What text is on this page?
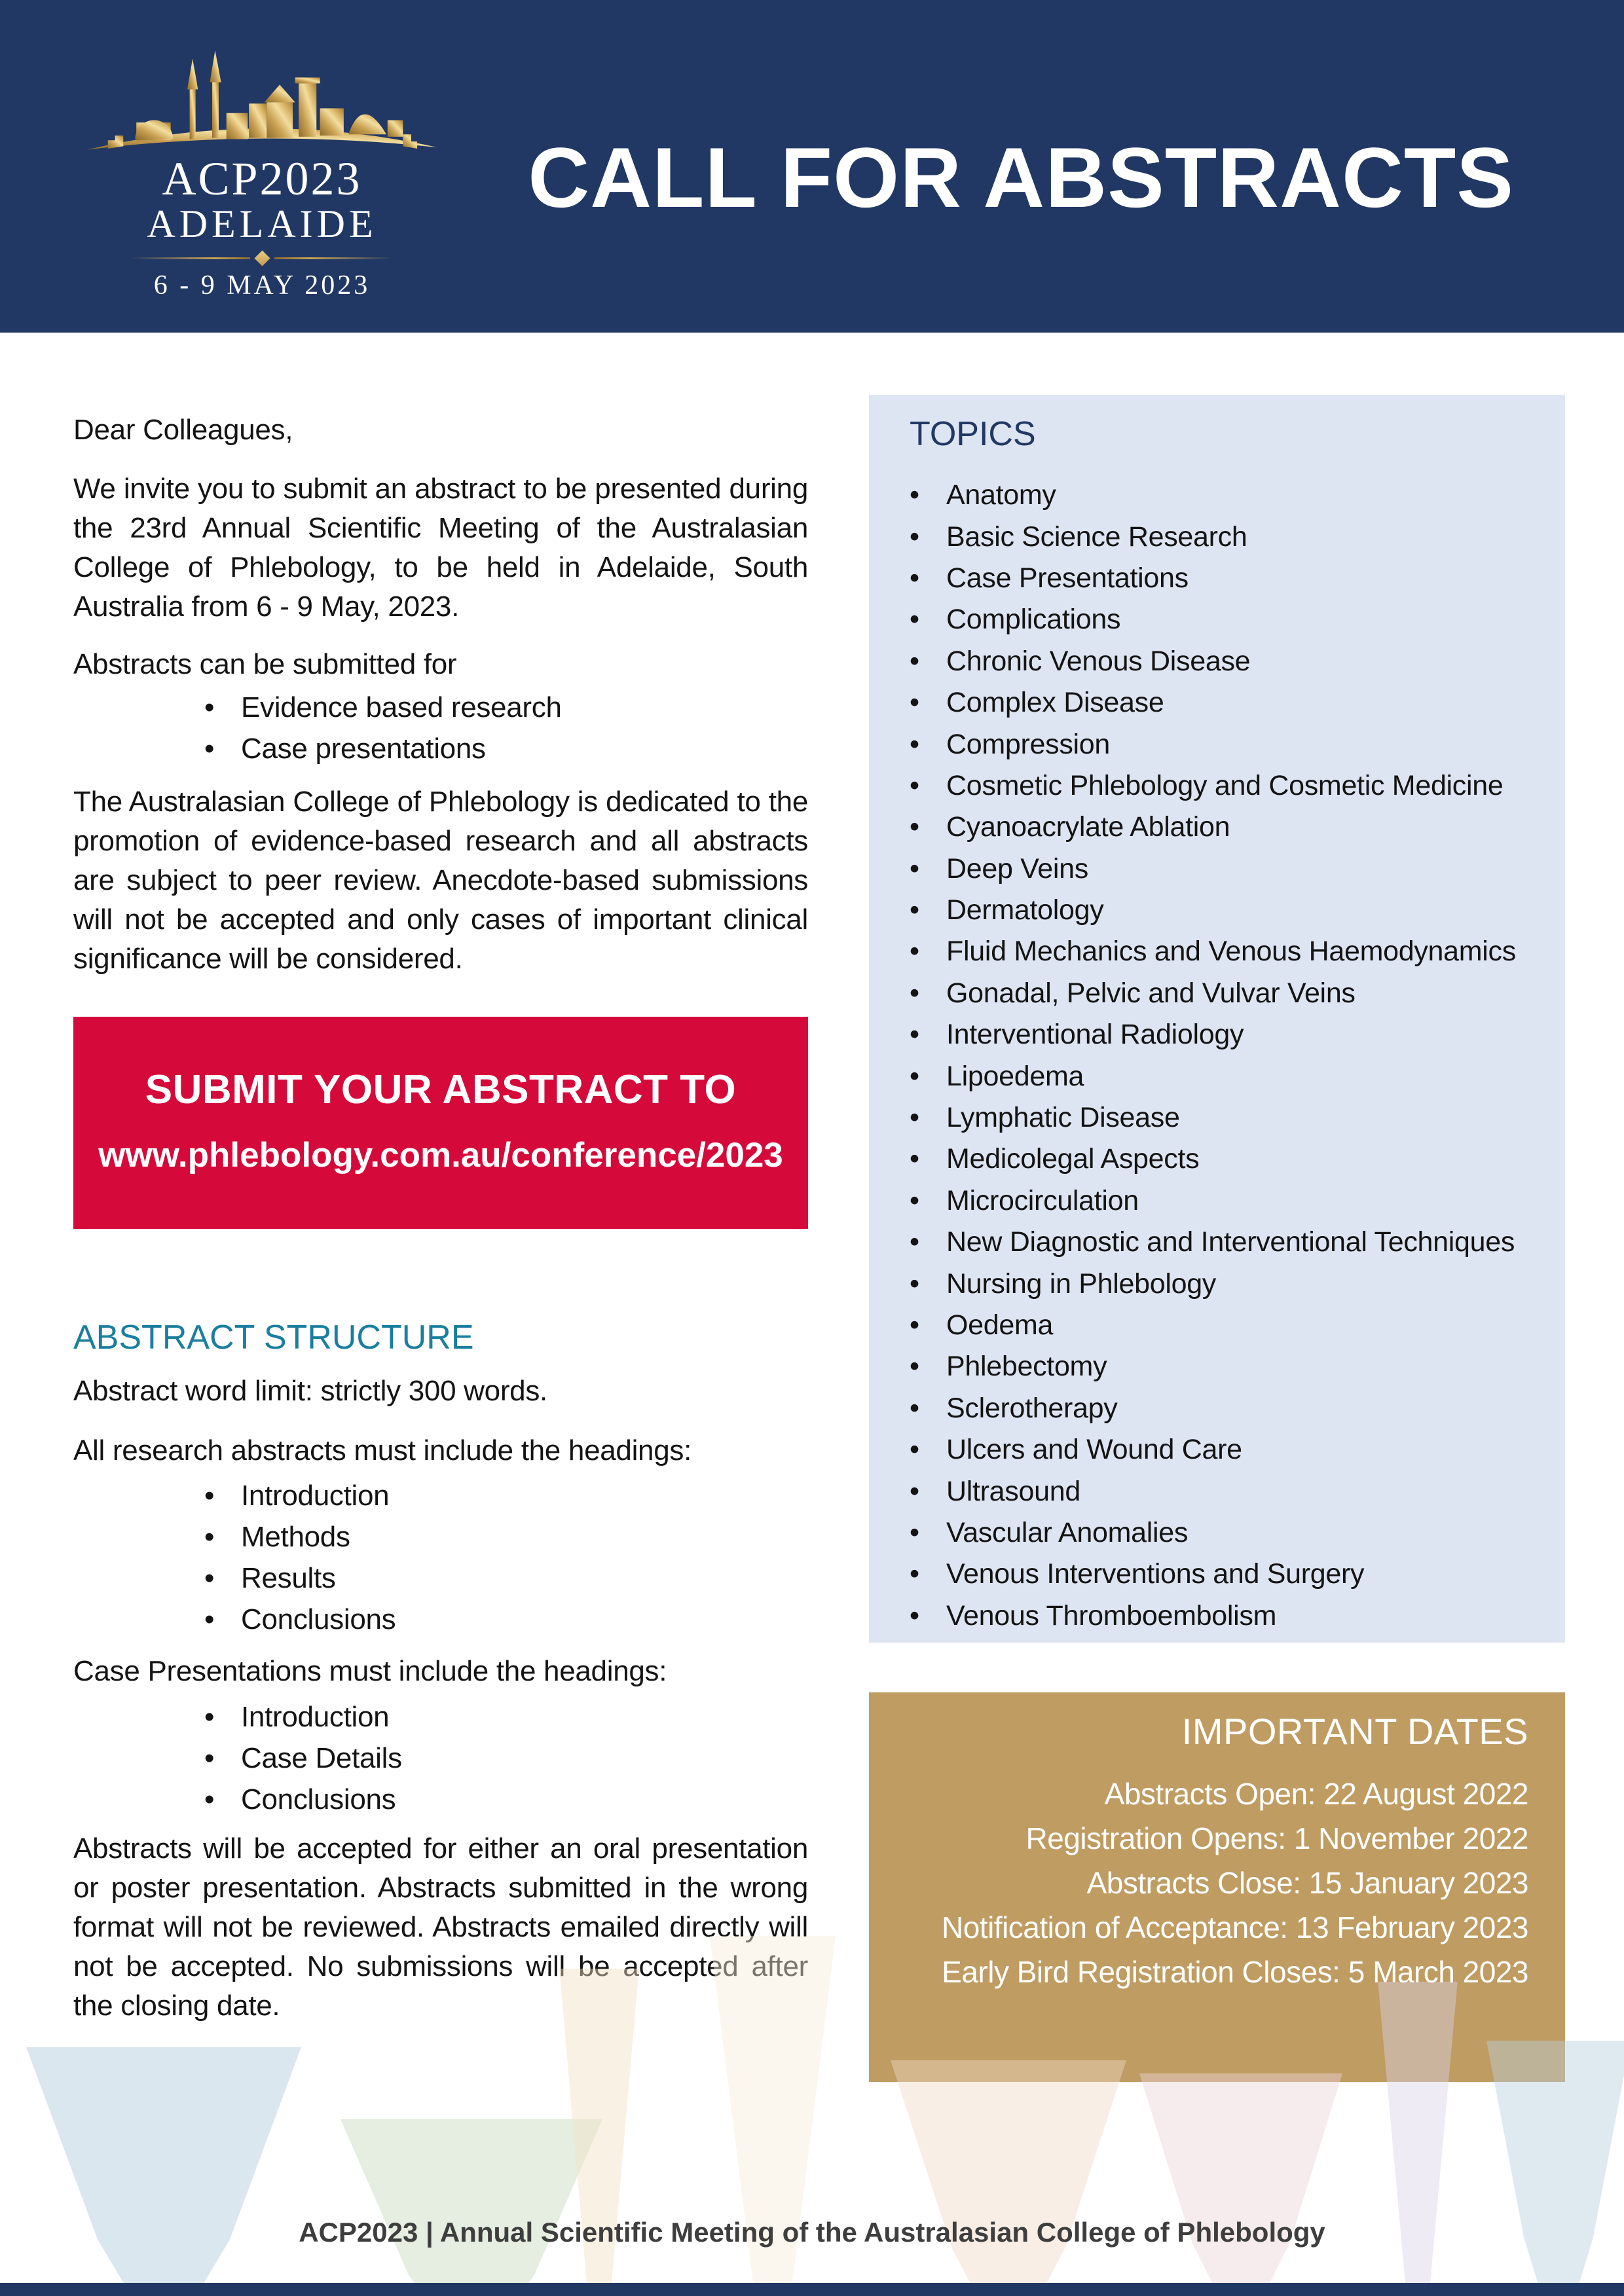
ACP2023
ADELAIDE
6 - 9 MAY 2023
CALL FOR ABSTRACTS

Dear Colleagues,

We invite you to submit an abstract to be presented during the 23rd Annual Scientific Meeting of the Australasian College of Phlebology, to be held in Adelaide, South Australia from 6 - 9 May, 2023.

Abstracts can be submitted for

•
Evidence based research
•
Case presentations

The Australasian College of Phlebology is dedicated to the promotion of evidence-based research and all abstracts are subject to peer review. Anecdote-based submissions will not be accepted and only cases of important clinical significance will be considered.

SUBMIT YOUR ABSTRACT TO
www.phlebology.com.au/conference/2023
ABSTRACT STRUCTURE

Abstract word limit: strictly 300 words.

All research abstracts must include the headings:

•
Introduction
•
Methods
•
Results
•
Conclusions

Case Presentations must include the headings:

•
Introduction
•
Case Details
•
Conclusions

Abstracts will be accepted for either an oral presentation or poster presentation. Abstracts submitted in the wrong format will not be reviewed. Abstracts emailed directly will not be accepted. No submissions will be accepted after the closing date.

TOPICS
•
Anatomy
•
Basic Science Research
•
Case Presentations
•
Complications
•
Chronic Venous Disease
•
Complex Disease
•
Compression
•
Cosmetic Phlebology and Cosmetic Medicine
•
Cyanoacrylate Ablation
•
Deep Veins
•
Dermatology
•
Fluid Mechanics and Venous Haemodynamics
•
Gonadal, Pelvic and Vulvar Veins
•
Interventional Radiology
•
Lipoedema
•
Lymphatic Disease
•
Medicolegal Aspects
•
Microcirculation
•
New Diagnostic and Interventional Techniques
•
Nursing in Phlebology
•
Oedema
•
Phlebectomy
•
Sclerotherapy
•
Ulcers and Wound Care
•
Ultrasound
•
Vascular Anomalies
•
Venous Interventions and Surgery
•
Venous Thromboembolism
IMPORTANT DATES
Abstracts Open: 22 August 2022
Registration Opens: 1 November 2022
Abstracts Close: 15 January 2023
Notification of Acceptance: 13 February 2023
Early Bird Registration Closes: 5 March 2023
ACP2023 | Annual Scientific Meeting of the Australasian College of Phlebology
